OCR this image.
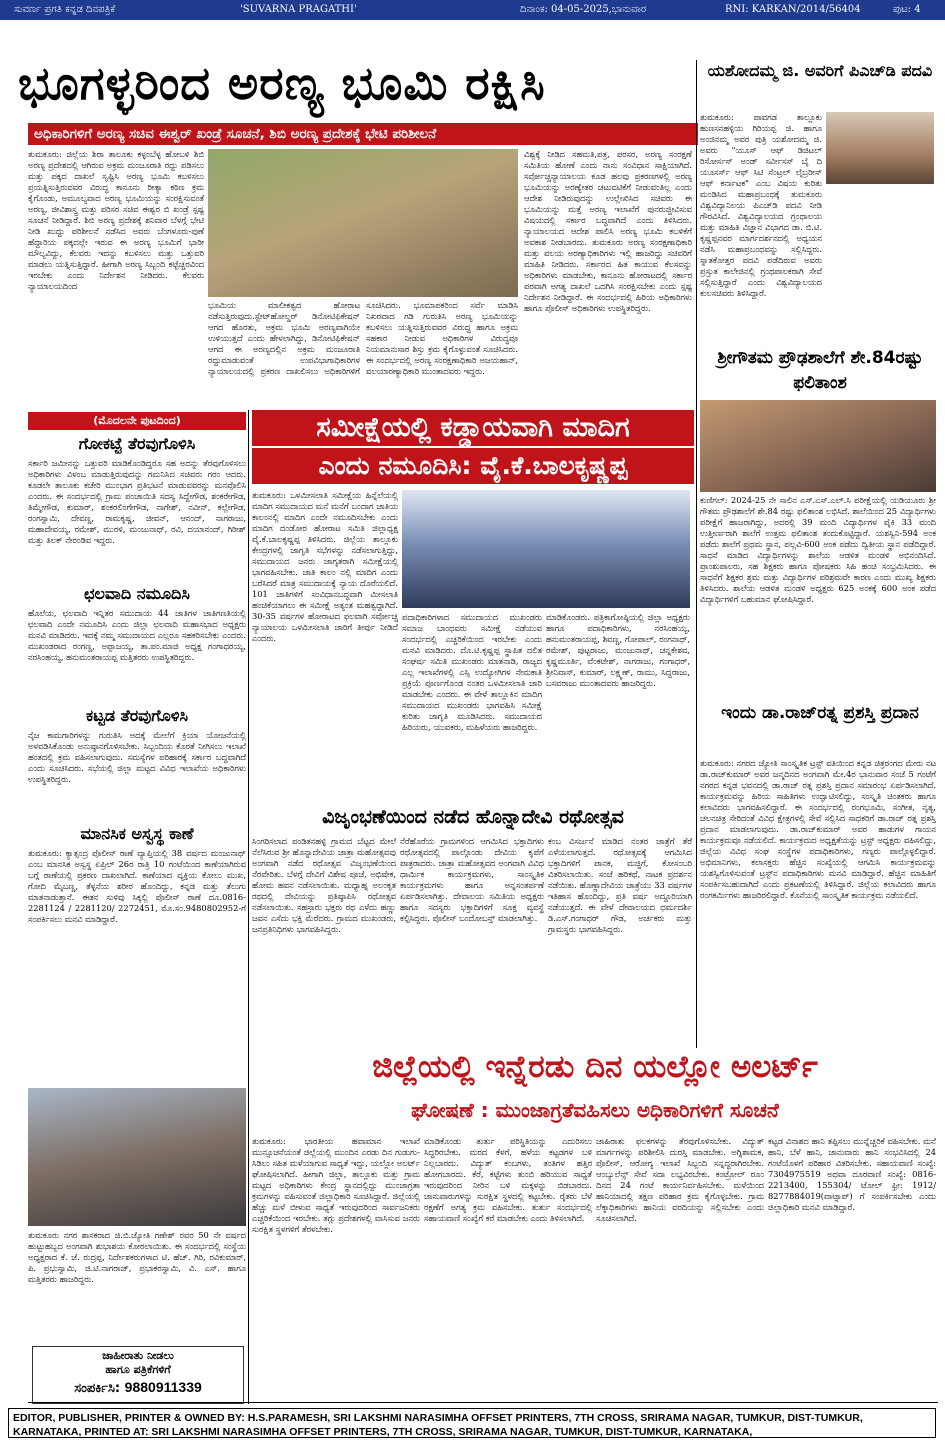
ಸುವರ್ಣ ಪ್ರಗತಿ ಕನ್ನಡ ದಿನಪತ್ರಿಕೆ	'SUVARNA PRAGATHI'	ದಿನಾಂಕ: 04-05-2025,ಭಾನುವಾರ	RNI: KARKAN/2014/56404	ಪುಟ: 4
ಭೂಗಳ್ಳರಿಂದ ಅರಣ್ಯ ಭೂಮಿ ರಕ್ಷಿಸಿ
ಅಧಿಕಾರಿಗಳಿಗೆ ಅರಣ್ಯ ಸಚಿವ ಈಶ್ವರ್ ಖಂಡ್ರೆ ಸೂಚನೆ, ಶಿಬಿ ಅರಣ್ಯ ಪ್ರದೇಶಕ್ಕೆ ಭೇಟಿ ಪರಿಶೀಲನೆ
ತುಮಕೂರು: ಜಿಲ್ಲೆಯ ಶಿರಾ ತಾಲೂಕು ಕಳ್ಳಂಬೆಳ್ಳ ಹೋಬಳಿ ಶಿಬಿ ಅರಣ್ಯ ಪ್ರದೇಶದಲ್ಲಿ ಆಗಿರುವ ಅಕ್ರಮ ಮಂಜೂರಾತಿ ರದ್ದು ಪಡಿಸಲು ಮತ್ತು ಪಕ್ಕದ ದಾಖಲೆ ಸೃಷ್ಟಿಸಿ ಅರಣ್ಯ ಭೂಮಿ ಕಬಳಿಸಲು ಪ್ರಯತ್ನಿಸುತ್ತಿರುವವರ ವಿರುದ್ಧ ಕಾನೂನು ರೀತ್ಯಾ ಕಠಿಣ ಕ್ರಮ ಕೈಗೊಂಡು, ಅಮೂಲ್ಯವಾದ ಅರಣ್ಯ ಭೂಮಿಯನ್ನು ಸಂರಕ್ಷಿಸುವಂತೆ ಅರಣ್ಯ, ಜೀವಿಶಾಸ್ತ್ರ ಮತ್ತು ಪರಿಸರ ಸಚಿವ ಈಶ್ವರ ಬಿ ಖಂಡ್ರೆ ಸ್ಪಷ್ಟ ಸೂಚನೆ ನೀಡಿದ್ದಾರೆ. ಶಿಬಿ ಅರಣ್ಯ ಪ್ರದೇಶಕ್ಕೆ ಶನಿವಾರ ಬೆಳಗ್ಗೆ ಭೇಟಿ ನೀಡಿ ಖುದ್ದು ಪರಿಶೀಲನೆ ನಡೆಸಿದ ಅವರು ಬೆಂಗಳೂರು-ಪುಣೆ ಹೆದ್ದಾರಿಯ ಪಕ್ಕದಲ್ಲೇ ಇರುವ ಈ ಅರಣ್ಯ ಭೂಮಿಗೆ ಭಾರೀ ಮೌಲ್ಯವಿದ್ದು, ಕೆಲವರು ಇದನ್ನು ಕಬಳಿಸಲು ಮತ್ತು ಒತ್ತುವರಿ ಮಾಡಲು ಯತ್ನಿಸುತ್ತಿದ್ದಾರೆ. ಹೀಗಾಗಿ ಅರಣ್ಯ ಸಿಬ್ಬಂದಿ ಕಟ್ಟೆಚ್ಚರವಿಂದ ಇರಬೇಕು ಎಂದು ನಿರ್ದೇಶನ ನೀಡಿದರು. ಕೆಲವರು ನ್ಯಾಯಾಲಯದಿಂದ
ಭೂಮಿಯ ಮಾಲೀಕತ್ವದ ಹೋರಾಟ ನಡೆಸುತ್ತಿರುವುದು.ಸ್ಟೇಟ್‌ಹೋಲ್ಡರ್ ಡಿನೋಟಿಫಿಕೇಷನ್ ಆಗದ ಹೊರತು, ಅಕ್ರಮ ಭೂಮಿ ಅರಣ್ಯವಾಗಿಯೇ ಉಳಿಯುತ್ತದೆ ಎಂದು ಹೇಳಲಾಗಿದ್ದು, ಡಿನೋಟಿಫಿಕೇಷನ್ ಆಗದ ಈ ಅರಣ್ಯದಲ್ಲಿನ ಅಕ್ರಮ ಮಂಜೂರಾತಿ ರದ್ದುಮಾಡುವಂತೆ ಉಪವಿಭಾಗಾಧಿಕಾರಿಗಳ ನ್ಯಾಯಾಲಯದಲ್ಲಿ ಪ್ರಕರಣ ದಾಖಲಿಸಲು ಅಧಿಕಾರಿಗಳಿಗೆ ಸೂಚಿಸಿದರು. ಭೂಮಾಪಕರಿಂದ ಸರ್ವೆ ಮಾಡಿಸಿ ನಿಖರವಾದ ಗಡಿ ಗುರುತಿಸಿ ಅರಣ್ಯ ಭೂಮಿಯನ್ನು ಕಬಳಿಸಲು ಯತ್ನಿಸುತ್ತಿರುವವರ ವಿರುದ್ಧ ಹಾಗೂ ಅಕ್ರಮ ಸಹಕಾರ ನೀಡುವ ಅಧಿಕಾರಿಗಳ ವಿರುದ್ಧವೂ ನಿಯಮಾನುಸಾರ ಶಿಸ್ತು ಕ್ರಮ ಕೈಗೊಳ್ಳುವಂತೆ ಸೂಚಿಸಿದರು. ಈ ಸಂದರ್ಭದಲ್ಲಿ ಅರಣ್ಯ ಸಂರಕ್ಷಣಾಧಿಕಾರಿ ಅಜಯಹಾನ್, ವಲಯಾರಣ್ಯಾಧಿಕಾರಿ ಮುಂತಾದವರು ಇದ್ದರು.
ವಿಶ್ವಕ್ಕೆ ನೀಡಿದ ಸಹಮತಿ,ಪತ್ರ, ಪರಸರ, ಅರಣ್ಯ ಸಂರಕ್ಷಣೆ ಸಮಿತಿಯ ಹೋಣೆ ಎಂದು ನಾನು ಸಂವಿಧಾನ ಸಾಕ್ಷಿಯಾಗಿದೆ. ಸರ್ವೋಚ್ಚನ್ಯಾಯಾಲಯ ಕೂಡ ಹಲವು ಪ್ರಕರಣಗಳಲ್ಲಿ ಅರಣ್ಯ ಭೂಮಿಯನ್ನು ಅರಣ್ಯೇತರ ಚಟುವಟಿಕೆಗೆ ನೀಡುವಂತಿಲ್ಲ ಎಂದು ಆದೇಶ ನೀಡಿರುವುದನ್ನು ಉಲ್ಲೇಖಿಸಿದ ಸಚಿವರು ಈ ಭೂಮಿಯನ್ನು ಮತ್ತೆ ಅರಣ್ಯ ಇಲಾಖೆಗೆ ಪುನರುಜ್ಜೀವಿಸುವ ವಿಷಯದಲ್ಲಿ ಸರ್ಕಾರ ಬದ್ಧವಾಗಿದೆ ಎಂದು ತಿಳಿಸಿದರು. ನ್ಯಾಯಾಲಯದ ಆದೇಶ ಪಾಲಿಸಿ ಅರಣ್ಯ ಭೂಮಿ ಕಬಳಿಕೆಗೆ ಅವಕಾಶ ನೀಡಬಾರದು. ತುಮಕೂರು ಅರಣ್ಯ ಸಂರಕ್ಷಣಾಧಿಕಾರಿ ಮತ್ತು ವಲಯ ಅರಣ್ಯಾಧಿಕಾರಿಗಳು ಇಲ್ಲಿ ಹಾಜರಿದ್ದು ಸಚಿವರಿಗೆ ಮಾಹಿತಿ ನೀಡಿದರು. ಸರ್ಕಾರದ ಹಿತ ಕಾಯುವ ಕೆಲಸವನ್ನು ಅಧಿಕಾರಿಗಳು ಮಾಡಬೇಕು, ಕಾನೂನು ಹೋರಾಟದಲ್ಲಿ ಸರ್ಕಾರ ಪರವಾಗಿ ಅಗತ್ಯ ದಾಖಲೆ ಒದಗಿಸಿ ಸಂರಕ್ಷಿಸಬೇಕು ಎಂದು ಸ್ಪಷ್ಟ ನಿರ್ದೇಶನ ನೀಡಿದ್ದಾರೆ. ಈ ಸಂದರ್ಭದಲ್ಲಿ ಹಿರಿಯ ಅಧಿಕಾರಿಗಳು ಹಾಗೂ ಪೊಲೀಸ್ ಅಧಿಕಾರಿಗಳು ಉಪಸ್ಥಿತರಿದ್ದರು.
ಯಶೋದಮ್ಮ ಜಿ. ಅವರಿಗೆ ಪಿಎಚ್‌ಡಿ ಪದವಿ
ತುಮಕೂರು: ಪಾವಗಡ ತಾಲ್ಲೂಕು ಹುಣಸನಹಳ್ಳಿಯ ಗಿರಿಯಪ್ಪ ಜಿ. ಹಾಗೂ ಅಂಜಿನಮ್ಮ ಅವರ ಪುತ್ರಿ ಯಶೋದಮ್ಮ ಜಿ. ಅವರು "ಯೂಸ್ ಆಫ್ ಡಿಜಿಟಲ್ ರಿಸೋರ್ಸಸ್ ಅಂಡ್ ಸರ್ವೀಸಸ್ ಬೈ ದಿ ಯೂಸರ್ಸ್ ಆಫ್ ಸಿಟಿ ಸೆಂಟ್ರಲ್ ಲೈಬ್ರರೀಸ್ ಆಫ್ ಕರ್ನಾಟಕ" ಎಂಬ ವಿಷಯ ಕುರಿತು ಮಂಡಿಸಿದ ಮಹಾಪ್ರಬಂಧಕ್ಕೆ ತುಮಕೂರು ವಿಶ್ವವಿದ್ಯಾನಿಲಯ ಪಿಎಚ್‌ಡಿ ಪದವಿ ನೀಡಿ ಗೌರವಿಸಿದೆ. ವಿಶ್ವವಿದ್ಯಾಲಯದ ಗ್ರಂಥಾಲಯ ಮತ್ತು ಮಾಹಿತಿ ವಿಜ್ಞಾನ ವಿಭಾಗದ ಡಾ. ಬಿ.ಟಿ. ಕೃಷ್ಣಪ್ಪನವರ ಮಾರ್ಗದರ್ಶನದಲ್ಲಿ ಅಧ್ಯಯನ ನಡೆಸಿ ಮಹಾಪ್ರಬಂಧವನ್ನು ಸಲ್ಲಿಸಿದ್ದರು. ಸ್ನಾತಕೋತ್ತರ ಪದವಿ ಪಡೆದಿರುವ ಅವರು ಪ್ರಸ್ತುತ ಕಾಲೇಜಿನಲ್ಲಿ ಗ್ರಂಥಪಾಲಕರಾಗಿ ಸೇವೆ ಸಲ್ಲಿಸುತ್ತಿದ್ದಾರೆ ಎಂದು ವಿಶ್ವವಿದ್ಯಾಲಯದ ಕುಲಸಚಿವರು ತಿಳಿಸಿದ್ದಾರೆ.
ಶ್ರೀಗೌತಮ ಪ್ರೌಢಶಾಲೆಗೆ ಶೇ.84ರಷ್ಟು ಫಲಿತಾಂಶ
ಕುಣಿಗಲ್: 2024-25 ನೇ ಸಾಲಿನ ಎಸ್.ಎಸ್.ಎಲ್.ಸಿ ಪರೀಕ್ಷೆಯಲ್ಲಿ ಯಡಿಯೂರು ಶ್ರೀ ಗೌತಮ ಪ್ರೌಢಶಾಲೆಗೆ ಶೇ.84 ರಷ್ಟು ಫಲಿತಾಂಶ ಲಭಿಸಿದೆ. ಶಾಲೆಯಿಂದ 25 ವಿದ್ಯಾರ್ಥಿಗಳು ಪರೀಕ್ಷೆಗೆ ಹಾಜರಾಗಿದ್ದು, ಅದರಲ್ಲಿ 39 ಮಂದಿ ವಿದ್ಯಾರ್ಥಿಗಳ ಪೈಕಿ 33 ಮಂದಿ ಉತ್ತೀರ್ಣರಾಗಿ ಶಾಲೆಗೆ ಉತ್ತಮ ಫಲಿತಾಂಶ ತಂದುಕೊಟ್ಟಿದ್ದಾರೆ. ಯಶಸ್ವಿನಿ-594 ಅಂಕ ಪಡೆದು ಶಾಲೆಗೆ ಪ್ರಥಮ ಸ್ಥಾನ, ಪಲ್ಲವಿ-600 ಅಂಕ ಪಡೆದು ದ್ವಿತೀಯ ಸ್ಥಾನ ಪಡೆದಿದ್ದಾರೆ. ಸಾಧನೆ ಮಾಡಿದ ವಿದ್ಯಾರ್ಥಿಗಳನ್ನು ಶಾಲೆಯ ಆಡಳಿತ ಮಂಡಳಿ ಅಭಿನಂದಿಸಿದೆ. ಪ್ರಾಂಶುಪಾಲರು, ಸಹ ಶಿಕ್ಷಕರು ಹಾಗೂ ಪೋಷಕರು ಸಿಹಿ ಹಂಚಿ ಸಂಭ್ರಮಿಸಿದರು. ಈ ಸಾಧನೆಗೆ ಶಿಕ್ಷಕರ ಶ್ರಮ ಮತ್ತು ವಿದ್ಯಾರ್ಥಿಗಳ ಪರಿಶ್ರಮವೇ ಕಾರಣ ಎಂದು ಮುಖ್ಯ ಶಿಕ್ಷಕರು ತಿಳಿಸಿದರು. ಶಾಲೆಯ ಆಡಳಿತ ಮಂಡಳಿ ಅಧ್ಯಕ್ಷರು 625 ಅಂಕಕ್ಕೆ 600 ಅಂಕ ಪಡೆದ ವಿದ್ಯಾರ್ಥಿಗಳಿಗೆ ಬಹುಮಾನ ಘೋಷಿಸಿದ್ದಾರೆ.
ಇಂದು ಡಾ.ರಾಜ್‌ರತ್ನ ಪ್ರಶಸ್ತಿ ಪ್ರದಾನ
ತುಮಕೂರು: ನಗರದ ಜ್ಯೋತಿ ಸಾಂಸ್ಕೃತಿಕ ಟ್ರಸ್ಟ್ ವತಿಯಿಂದ ಕನ್ನಡ ಚಿತ್ರರಂಗದ ಮೇರು ನಟ ಡಾ.ರಾಜ್‌ಕುಮಾರ್ ಅವರ ಜನ್ಮದಿನದ ಅಂಗವಾಗಿ ಮೇ.4ರ ಭಾನುವಾರ ಸಂಜೆ 5 ಗಂಟೆಗೆ ನಗರದ ಕನ್ನಡ ಭವನದಲ್ಲಿ ಡಾ.ರಾಜ್ ರತ್ನ ಪ್ರಶಸ್ತಿ ಪ್ರದಾನ ಸಮಾರಂಭ ಏರ್ಪಡಿಸಲಾಗಿದೆ. ಕಾರ್ಯಕ್ರಮವನ್ನು ಹಿರಿಯ ಸಾಹಿತಿಗಳು ಉದ್ಘಾಟಿಸಲಿದ್ದು, ಸಂಸ್ಕೃತಿ ಚಿಂತಕರು ಹಾಗೂ ಕಲಾವಿದರು ಭಾಗವಹಿಸಲಿದ್ದಾರೆ. ಈ ಸಂದರ್ಭದಲ್ಲಿ ರಂಗಭೂಮಿ, ಸಂಗೀತ, ನೃತ್ಯ, ಚಲನಚಿತ್ರ ಸೇರಿದಂತೆ ವಿವಿಧ ಕ್ಷೇತ್ರಗಳಲ್ಲಿ ಸೇವೆ ಸಲ್ಲಿಸಿದ ಸಾಧಕರಿಗೆ ಡಾ.ರಾಜ್ ರತ್ನ ಪ್ರಶಸ್ತಿ ಪ್ರದಾನ ಮಾಡಲಾಗುವುದು. ಡಾ.ರಾಜ್‌ಕುಮಾರ್ ಅವರ ಹಾಡುಗಳ ಗಾಯನ ಕಾರ್ಯಕ್ರಮವೂ ನಡೆಯಲಿದೆ. ಕಾರ್ಯಕ್ರಮದ ಅಧ್ಯಕ್ಷತೆಯನ್ನು ಟ್ರಸ್ಟ್ ಅಧ್ಯಕ್ಷರು ವಹಿಸಲಿದ್ದು, ಜಿಲ್ಲೆಯ ವಿವಿಧ ಸಂಘ ಸಂಸ್ಥೆಗಳ ಪದಾಧಿಕಾರಿಗಳು, ಗಣ್ಯರು ಪಾಲ್ಗೊಳ್ಳಲಿದ್ದಾರೆ. ಅಭಿಮಾನಿಗಳು, ಕಲಾಸಕ್ತರು ಹೆಚ್ಚಿನ ಸಂಖ್ಯೆಯಲ್ಲಿ ಆಗಮಿಸಿ ಕಾರ್ಯಕ್ರಮವನ್ನು ಯಶಸ್ವಿಗೊಳಿಸುವಂತೆ ಟ್ರಸ್ಟ್‌ನ ಪದಾಧಿಕಾರಿಗಳು ಮನವಿ ಮಾಡಿದ್ದಾರೆ. ಹೆಚ್ಚಿನ ಮಾಹಿತಿಗೆ ಸಂಪರ್ಕಿಸಬಹುದಾಗಿದೆ ಎಂದು ಪ್ರಕಟಣೆಯಲ್ಲಿ ತಿಳಿಸಿದ್ದಾರೆ. ಜಿಲ್ಲೆಯ ಕಲಾವಿದರು ಹಾಗೂ ರಂಗಕರ್ಮಿಗಳು ಹಾಜರಿರಲಿದ್ದಾರೆ. ಕೊನೆಯಲ್ಲಿ ಸಾಂಸ್ಕೃತಿಕ ಕಾರ್ಯಕ್ರಮ ನಡೆಯಲಿದೆ.
(ಮೊದಲನೇ ಪುಟದಿಂದ)
ಗೋಕಟ್ಟೆ ತೆರವುಗೊಳಿಸಿ
ಸರ್ಕಾರಿ ಜಮೀನನ್ನು ಒತ್ತುವರಿ ಮಾಡಿಕೊಂಡಿದ್ದರೂ ಸಹ ಅದನ್ನು ತೆರವುಗೊಳಿಸಲು ಅಧಿಕಾರಿಗಳು ವಿಳಂಬ ಮಾಡುತ್ತಿರುವುದನ್ನು ಗಮನಿಸಿದ ಸಚಿವರು ಗರಂ ಆದರು. ಕೂಡಲೇ ತಾಲೂಕು ಕಚೇರಿ ಮುಂಭಾಗ ಪ್ರತಿಭಟನೆ ಮಾಡುವವರನ್ನು ಮನವೊಲಿಸಿ ಎಂದರು. ಈ ಸಂದರ್ಭದಲ್ಲಿ ಗ್ರಾಮ ಪಂಚಾಯಿತಿ ಸದಸ್ಯ ಸಿದ್ದೇಗೌಡ, ಶಂಕರೇಗೌಡ, ತಿಮ್ಮೇಗೌಡ, ಕುಮಾರ್, ಶಂಕರಲಿಂಗೇಗೌಡ, ನಾಗೇಶ್, ನವೀನ್, ಕಲ್ಲೇಗೌಡ, ರಂಗಸ್ವಾಮಿ, ದೇವಣ್ಣ, ರಾಮಕೃಷ್ಣ, ಜೀವನ್, ಆನಂದ್, ನಾಗರಾಜು, ಮಹಾದೇವಯ್ಯ, ರಮೇಶ್, ಮುರಳಿ, ಮಂಜುನಾಥ್, ರವಿ, ದಯಾನಂದ್, ಗಿರೀಶ್ ಮತ್ತು ತಿಲಕ್ ನೇರಂಡಿವ ಇದ್ದರು.
ಛಲವಾದಿ ನಮೂದಿಸಿ
ಹೊಲೆಯ, ಛಲವಾದಿ ಇನ್ನಿತರ ಸಮುದಾಯ 44 ಜಾತಿಗಳ ಜಾತಿಗಣತಿಯಲ್ಲಿ ಛಲವಾದಿ ಎಂದೇ ನಮೂದಿಸಿ ಎಂದು ಜಿಲ್ಲಾ ಛಲವಾದಿ ಮಹಾಸಭಾದ ಅಧ್ಯಕ್ಷರು ಮನವಿ ಮಾಡಿದರು. ಇದಕ್ಕೆ ನಮ್ಮ ಸಮುದಾಯದ ಎಲ್ಲರೂ ಸಹಕರಿಸಬೇಕು ಎಂದರು. ಮುಖಂಡರಾದ ರಂಗಣ್ಣ, ಅಪ್ಪಾಜಯ್ಯ, ತಾ.ಪಂ.ಮಾಜಿ ಅಧ್ಯಕ್ಷ ಗಂಗಾಧರಯ್ಯ, ನರಸಿಂಹಯ್ಯ, ಹನುಮಂತರಾಯಪ್ಪ ಮತ್ತಿತರರು ಉಪಸ್ಥಿತರಿದ್ದರು.
ಕಟ್ಟಡ ತೆರವುಗೊಳಿಸಿ
ನೈಜ ಕಾಮಗಾರಿಗಳನ್ನು ಗುರುತಿಸಿ ಅದಕ್ಕೆ ಮೇಲೆಗೆ ಕ್ರಿಯಾ ಯೋಜನೆಯಲ್ಲಿ ಅಳವಡಿಸಿಕೊಂಡು ಅನುಷ್ಠಾನಗೊಳಿಸಬೇಕು. ಸಿಬ್ಬಂದಿಯ ಕೊರತೆ ನೀಗಿಸಲು ಇಲಾಖೆ ಹಂತದಲ್ಲಿ ಕ್ರಮ ವಹಿಸಲಾಗುವುದು. ಸಮಸ್ಯೆಗಳ ಪರಿಹಾರಕ್ಕೆ ಸರ್ಕಾರ ಬದ್ಧವಾಗಿದೆ ಎಂದು ಸೂಚಿಸಿದರು. ಸಭೆಯಲ್ಲಿ ಜಿಲ್ಲಾ ಮಟ್ಟದ ವಿವಿಧ ಇಲಾಖೆಯ ಅಧಿಕಾರಿಗಳು ಉಪಸ್ಥಿತರಿದ್ದರು.
ಮಾನಸಿಕ ಅಸ್ವಸ್ಥ ಕಾಣೆ
ತುಮಕೂರು: ಕ್ಯಾತ್ಸಂದ್ರ ಪೊಲೀಸ್ ಠಾಣೆ ವ್ಯಾಪ್ತಿಯಲ್ಲಿ 38 ವರ್ಷದ ಮಂಜುನಾಥ್ ಎಂಬ ಮಾನಸಿಕ ಅಸ್ವಸ್ಥ ಏಪ್ರಿಲ್ 26ರ ರಾತ್ರಿ 10 ಗಂಟೆಯಿಂದ ಕಾಣೆಯಾಗಿರುವ ಬಗ್ಗೆ ಠಾಣೆಯಲ್ಲಿ ಪ್ರಕರಣ ದಾಖಲಾಗಿದೆ. ಕಾಣೆಯಾದ ವ್ಯಕ್ತಿಯ ಕೋಲು ಮುಖ, ಗೋದಿ ಮೈಬಣ್ಣ, ತೆಳ್ಳನೆಯ ಶರೀರ ಹೊಂದಿದ್ದು, ಕನ್ನಡ ಮತ್ತು ತೆಲುಗು ಮಾತನಾಡುತ್ತಾನೆ. ಈತನ ಸುಳಿವು ಸಿಕ್ಕಲ್ಲಿ ಪೊಲೀಸ್ ಠಾಣೆ ದೂ.0816-2281124 / 2281120/ 2272451, ಮೊ.ಸಂ.9480802952-ಗೆ ಸಂಪರ್ಕಿಸಲು ಮನವಿ ಮಾಡಿದ್ದಾರೆ.
ಸಮೀಕ್ಷೆಯಲ್ಲಿ ಕಡ್ಡಾಯವಾಗಿ ಮಾದಿಗ
ಎಂದು ನಮೂದಿಸಿ: ವೈ.ಕೆ.ಬಾಲಕೃಷ್ಣಪ್ಪ
ತುಮಕೂರು: ಒಳಮೀಸಲಾತಿ ಸಮೀಕ್ಷೆಯ ಹಿನ್ನೆಲೆಯಲ್ಲಿ ಮಾದಿಗ ಸಮುದಾಯದ ಮನೆ ಮನೆಗೆ ಬಂದಾಗ ಜಾತಿಯ ಕಾಲಂನಲ್ಲಿ ಮಾದಿಗ ಎಂದೇ ನಮೂದಿಸಬೇಕು ಎಂದು ಮಾದಿಗ ದಂಡೋರ ಹೋರಾಟ ಸಮಿತಿ ಜಿಲ್ಲಾಧ್ಯಕ್ಷ ವೈ.ಕೆ.ಬಾಲಕೃಷ್ಣಪ್ಪ ತಿಳಿಸಿದರು. ಜಿಲ್ಲೆಯ ತಾಲ್ಲೂಕು ಕೇಂದ್ರಗಳಲ್ಲಿ ಜಾಗೃತಿ ಸಭೆಗಳನ್ನು ನಡೆಸಲಾಗುತ್ತಿದ್ದು, ಸಮುದಾಯದ ಜನರು ಜಾಗೃತರಾಗಿ ಸಮೀಕ್ಷೆಯಲ್ಲಿ ಭಾಗವಹಿಸಬೇಕು. ಜಾತಿ ಕಾಲಂ ನಲ್ಲಿ ಮಾದಿಗ ಎಂದು ಬರೆಸಿದರೆ ಮಾತ್ರ ಸಮುದಾಯಕ್ಕೆ ನ್ಯಾಯ ದೊರೆಯಲಿದೆ. 101 ಜಾತಿಗಳಿಗೆ ಸಂವಿಧಾನಬದ್ಧವಾಗಿ ಮೀಸಲಾತಿ ಹಂಚಿಕೆಯಾಗಲು ಈ ಸಮೀಕ್ಷೆ ಅತ್ಯಂತ ಮಹತ್ವದ್ದಾಗಿದೆ. 30-35 ವರ್ಷಗಳ ಹೋರಾಟದ ಫಲವಾಗಿ ಸರ್ವೋಚ್ಚ ನ್ಯಾಯಾಲಯ ಒಳಮೀಸಲಾತಿ ಜಾರಿಗೆ ತೀರ್ಪು ನೀಡಿದೆ ಎಂದರು.
ಪದಾಧಿಕಾರಿಗಳಾದ ಸಮುದಾಯದ ಮುಖಂಡರು ಸಮಾಜ ಬಾಂಧವರು ಸಮೀಕ್ಷೆ ನಡೆಯುವ ಸಂದರ್ಭದಲ್ಲಿ ಎಚ್ಚರಿಕೆಯಿಂದ ಇರಬೇಕು ಎಂದು ಮನವಿ ಮಾಡಿದರು. ದೊ.ಟಿ.ಕೃಷ್ಣಪ್ಪ ಸ್ಥಾಪಿತ ದಲಿತ ಸಂಘರ್ಷ ಸಮಿತಿ ಮುಖಂಡರು ಮಾತನಾಡಿ, ರಾಜ್ಯದ ಎಲ್ಲ ಇಲಾಖೆಗಳಲ್ಲಿ ಎಸ್ಸಿ ಉದ್ಯೋಗಿಗಳ ನೇಮಕಾತಿ ಪ್ರಕ್ರಿಯೆ ಪೂರ್ಣಗೊಂಡ ನಂತರ ಒಳಮೀಸಲಾತಿ ಜಾರಿ ಮಾಡಬೇಕು ಎಂದರು. ಈ ವೇಳೆ ತಾಲ್ಲೂಕಿನ ಮಾದಿಗ ಸಮುದಾಯದ ಮುಖಂಡರು ಭಾಗವಹಿಸಿ ಸಮೀಕ್ಷೆ ಕುರಿತು ಜಾಗೃತಿ ಮೂಡಿಸಿದರು. ಸಮುದಾಯದ ಹಿರಿಯರು, ಯುವಕರು, ಮಹಿಳೆಯರು ಹಾಜರಿದ್ದರು.
ಮಾಡಿಕೊಂಡರು. ಪತ್ರಿಕಾಗೋಷ್ಠಿಯಲ್ಲಿ ಜಿಲ್ಲಾ ಅಧ್ಯಕ್ಷರು ಹಾಗೂ ಪದಾಧಿಕಾರಿಗಳು, ನರಸಿಂಹಯ್ಯ, ಹನುಮಂತರಾಯಪ್ಪ, ಶಿವಣ್ಣ, ಗೋಪಾಲ್, ರಂಗನಾಥ್, ರಮೇಶ್, ಪುಟ್ಟರಾಜು, ಮಂಜುನಾಥ್, ಚನ್ನಕೇಶವ, ಕೃಷ್ಣಮೂರ್ತಿ, ವೆಂಕಟೇಶ್, ನಾಗರಾಜು, ಗಂಗಾಧರ್, ಶ್ರೀನಿವಾಸ್, ಕುಮಾರ್, ಲಕ್ಷ್ಮಣ್, ರಾಮು, ಸಿದ್ದರಾಜು, ಬಸವರಾಜು ಮುಂತಾದವರು ಹಾಜರಿದ್ದರು.
ವಿಜೃಂಭಣೆಯಿಂದ ನಡೆದ ಹೊನ್ನಾದೇವಿ ರಥೋತ್ಸವ
ಸಿಂಗರಿಸಲಾದ ಪಂಡಿತನಹಳ್ಳಿ ಗ್ರಾಮದ ಬೆಟ್ಟದ ಮೇಲೆ ನೆಲೆಸಿರುವ ಶ್ರೀ ಹೊನ್ನಾದೇವಿಯ ಜಾತ್ರಾ ಮಹೋತ್ಸವವು ಅಂಗವಾಗಿ ನಡೆದ ರಥೋತ್ಸವ ವಿಜೃಂಭಣೆಯಿಂದ ನೆರವೇರಿತು. ಬೆಳಗ್ಗೆ ದೇವಿಗೆ ವಿಶೇಷ ಪೂಜೆ, ಅಭಿಷೇಕ, ಹೋಮ ಹವನ ನಡೆಸಲಾಯಿತು. ಮಧ್ಯಾಹ್ನ ಅಲಂಕೃತ ರಥದಲ್ಲಿ ದೇವಿಯನ್ನು ಪ್ರತಿಷ್ಠಾಪಿಸಿ ರಥೋತ್ಸವ ನಡೆಸಲಾಯಿತು. ಸಹಸ್ರಾರು ಭಕ್ತರು ರಥ ಎಳೆದು ಹಣ್ಣು ಜವನ ಎಸೆದು ಭಕ್ತಿ ಮೆರೆದರು. ಗ್ರಾಮದ ಮುಖಂಡರು, ಜನಪ್ರತಿನಿಧಿಗಳು ಭಾಗವಹಿಸಿದ್ದರು.
ನೆರೆಹೊರೆಯ ಗ್ರಾಮಗಳಿಂದ ಆಗಮಿಸಿದ ಭಕ್ತಾದಿಗಳು ರಥೋತ್ಸವದಲ್ಲಿ ಪಾಲ್ಗೊಂಡು ದೇವಿಯ ಕೃಪೆಗೆ ಪಾತ್ರರಾದರು. ಜಾತ್ರಾ ಮಹೋತ್ಸವದ ಅಂಗವಾಗಿ ವಿವಿಧ ಧಾರ್ಮಿಕ ಕಾರ್ಯಕ್ರಮಗಳು, ಸಾಂಸ್ಕೃತಿಕ ಕಾರ್ಯಕ್ರಮಗಳು ಹಾಗೂ ಅನ್ನಸಂತರ್ಪಣೆ ಏರ್ಪಡಿಸಲಾಗಿತ್ತು. ದೇವಾಲಯ ಸಮಿತಿಯ ಅಧ್ಯಕ್ಷರು ಹಾಗೂ ಸದಸ್ಯರು ಭಕ್ತಾದಿಗಳಿಗೆ ಸೂಕ್ತ ವ್ಯವಸ್ಥೆ ಕಲ್ಪಿಸಿದ್ದರು. ಪೊಲೀಸ್ ಬಂದೋಬಸ್ತ್ ಮಾಡಲಾಗಿತ್ತು.
ಕಂಬ ವಿಸರ್ಜನೆ ಮಾಡಿದ ನಂತರ ಜಾತ್ರೆಗೆ ತೆರೆ ಎಳೆಯಲಾಗುತ್ತದೆ. ರಥೋತ್ಸವಕ್ಕೆ ಆಗಮಿಸಿದ ಭಕ್ತಾದಿಗಳಿಗೆ ಪಾನಕ, ಮಜ್ಜಿಗೆ, ಕೋಸಂಬರಿ ವಿತರಿಸಲಾಯಿತು. ಸಂಜೆ ಹರಿಕಥೆ, ನಾಟಕ ಪ್ರದರ್ಶನ ನಡೆಯಿತು. ಹೊಣ್ಣಾದೇವಿಯ ಜಾತ್ರೆಯು 33 ವರ್ಷಗಳ ಇತಿಹಾಸ ಹೊಂದಿದ್ದು, ಪ್ರತಿ ವರ್ಷ ಅದ್ದೂರಿಯಾಗಿ ನಡೆಯುತ್ತದೆ. ಈ ವೇಳೆ ದೇವಾಲಯದ ಧರ್ಮದರ್ಶಿ ಡಿ.ಎಸ್.ಗಂಗಾಧರ್ ಗೌಡ, ಅರ್ಚಕರು ಮತ್ತು ಗ್ರಾಮಸ್ಥರು ಭಾಗವಹಿಸಿದ್ದರು.
ಜಿಲ್ಲೆಯಲ್ಲಿ ಇನ್ನೆರಡು ದಿನ ಯಲ್ಲೋ ಅಲರ್ಟ್
ಘೋಷಣೆ : ಮುಂಜಾಗ್ರತೆವಹಿಸಲು ಅಧಿಕಾರಿಗಳಿಗೆ ಸೂಚನೆ
ತುಮಕೂರು: ಭಾರತೀಯ ಹವಾಮಾನ ಇಲಾಖೆ ಮುನ್ಸೂಚನೆಯಂತೆ ಜಿಲ್ಲೆಯಲ್ಲಿ ಮುಂದಿನ ಎರಡು ದಿನ ಗುಡುಗು-ಸಿಡಿಲು ಸಹಿತ ಮಳೆಯಾಗುವ ಸಾಧ್ಯತೆ ಇದ್ದು, ಯಲ್ಲೋ ಅಲರ್ಟ್ ಘೋಷಿಸಲಾಗಿದೆ. ಹೀಗಾಗಿ ಜಿಲ್ಲಾ, ತಾಲ್ಲೂಕು ಮತ್ತು ಗ್ರಾಮ ಮಟ್ಟದ ಅಧಿಕಾರಿಗಳು ಕೇಂದ್ರ ಸ್ಥಾನದಲ್ಲಿದ್ದು ಮುಂಜಾಗ್ರತಾ ಕ್ರಮಗಳನ್ನು ವಹಿಸುವಂತೆ ಜಿಲ್ಲಾಧಿಕಾರಿ ಸೂಚಿಸಿದ್ದಾರೆ. ಜಿಲ್ಲೆಯಲ್ಲಿ ಹೆಚ್ಚು ಮಳೆ ಬೀಳುವ ಸಾಧ್ಯತೆ ಇರುವುದರಿಂದ ಸಾರ್ವಜನಿಕರು ಎಚ್ಚರಿಕೆಯಿಂದ ಇರಬೇಕು. ತಗ್ಗು ಪ್ರದೇಶಗಳಲ್ಲಿ ವಾಸಿಸುವ ಜನರು ಸುರಕ್ಷಿತ ಸ್ಥಳಗಳಿಗೆ ತೆರಳಬೇಕು.
ಮಾಡಿಕೊಂಡು ತುರ್ತು ಪರಿಸ್ಥಿತಿಯನ್ನು ಎದುರಿಸಲು ಸಿದ್ಧರಿರಬೇಕು. ಮರದ ಕೆಳಗೆ, ಹಳೆಯ ಕಟ್ಟಡಗಳ ಬಳಿ ನಿಲ್ಲಬಾರದು. ವಿದ್ಯುತ್ ಕಂಬಗಳು, ತಂತಿಗಳ ಹತ್ತಿರ ಹೋಗಬಾರದು. ಕೆರೆ, ಕಟ್ಟೆಗಳು ತುಂಬಿ ಹರಿಯುವ ಸಾಧ್ಯತೆ ಇರುವುದರಿಂದ ನೀರಿನ ಬಳಿ ಮಕ್ಕಳನ್ನು ಬಿಡಬಾರದು. ಜಾನುವಾರುಗಳನ್ನು ಸುರಕ್ಷಿತ ಸ್ಥಳದಲ್ಲಿ ಕಟ್ಟಬೇಕು. ರೈತರು ಬೆಳೆ ರಕ್ಷಣೆಗೆ ಅಗತ್ಯ ಕ್ರಮ ವಹಿಸಬೇಕು. ತುರ್ತು ಸಂದರ್ಭದಲ್ಲಿ ಸಹಾಯವಾಣಿ ಸಂಖ್ಯೆಗೆ ಕರೆ ಮಾಡಬೇಕು ಎಂದು ತಿಳಿಸಲಾಗಿದೆ.
ಜಾಹಿರಾತು ಫಲಕಗಳನ್ನು ತೆರವುಗೊಳಿಸಬೇಕು. ವಿದ್ಯುತ್ ಮಾರ್ಗಗಳನ್ನು ಪರಿಶೀಲಿಸಿ ದುರಸ್ತಿ ಮಾಡಬೇಕು. ಅಗ್ನಿಶಾಮಕ, ಪೊಲೀಸ್, ಆರೋಗ್ಯ ಇಲಾಖೆ ಸಿಬ್ಬಂದಿ ಸನ್ನದ್ಧರಾಗಿರಬೇಕು. ಆಂಬ್ಯುಲೆನ್ಸ್ ಸೇವೆ ಸದಾ ಲಭ್ಯವಿರಬೇಕು. ಕಂಟ್ರೋಲ್ ರೂಂ ದಿನದ 24 ಗಂಟೆ ಕಾರ್ಯನಿರ್ವಹಿಸಬೇಕು. ಮಳೆಯಿಂದ ಹಾನಿಯಾದಲ್ಲಿ ತಕ್ಷಣ ಪರಿಹಾರ ಕ್ರಮ ಕೈಗೊಳ್ಳಬೇಕು. ಗ್ರಾಮ ಲೆಕ್ಕಾಧಿಕಾರಿಗಳು ಹಾನಿಯ ವರದಿಯನ್ನು ಸಲ್ಲಿಸಬೇಕು ಎಂದು ಸೂಚಿಸಲಾಗಿದೆ.
ಕಟ್ಟಡ ವಿನಾಶದ ಹಾನಿ ತಪ್ಪಿಸಲು ಮುನ್ನೆಚ್ಚರಿಕೆ ವಹಿಸಬೇಕು. ಮನೆ ಹಾನಿ, ಬೆಳೆ ಹಾನಿ, ಜಾನುವಾರು ಹಾನಿ ಸಂಭವಿಸಿದಲ್ಲಿ 24 ಗಂಟೆಯೊಳಗೆ ಪರಿಹಾರ ವಿತರಿಸಬೇಕು. ಸಹಾಯವಾಣಿ ಸಂಖ್ಯೆ: 7304975519 ಅಥವಾ ದೂರವಾಣಿ ಸಂಖ್ಯೆ: 0816-2213400, 155304/ ಟೋಲ್ ಫ್ರೀ: 1912/ 8277884019(ವಾಟ್ಸಾಪ್) ಗೆ ಸಂಪರ್ಕಿಸಬೇಕು ಎಂದು ಜಿಲ್ಲಾಧಿಕಾರಿ ಮನವಿ ಮಾಡಿದ್ದಾರೆ.
ತುಮಕೂರು ನಗರ ಶಾಸಕರಾದ ಜಿ.ಬಿ.ಜ್ಯೋತಿ ಗಣೇಶ್ ರವರ 50 ನೇ ವರ್ಷದ ಹುಟ್ಟುಹಬ್ಬದ ಅಂಗವಾಗಿ ಶುಭಾಶಯ ಕೋರಲಾಯಿತು. ಈ ಸಂದರ್ಭದಲ್ಲಿ ಸಂಸ್ಥೆಯ ಅಧ್ಯಕ್ಷರಾದ ಕೆ. ಜೆ. ರುದ್ರಪ್ಪ, ನಿರ್ದೇಶಕರುಗಳಾದ ಟಿ. ಹೆಚ್. ಗಿರಿ, ರವಿಕುಮಾರ್, ಪಿ. ಪ್ರಭುಸ್ವಾಮಿ, ಜಿ.ಟಿ.ನಾಗರಾಜ್, ಪ್ರಭಾಕರಸ್ವಾಮಿ, ವಿ. ಎಸ್. ಹಾಗೂ ಮತ್ತಿತರರು ಹಾಜರಿದ್ದರು.
ಜಾಹೀರಾತು ನೀಡಲು
ಹಾಗೂ ಪತ್ರಿಕೆಗಳಿಗೆ
ಸಂಪರ್ಕಿಸಿ: 9880911339
EDITOR, PUBLISHER, PRINTER & OWNED BY: H.S.PARAMESH, SRI LAKSHMI NARASIMHA OFFSET PRINTERS, 7TH CROSS, SRIRAMA NAGAR, TUMKUR, DIST-TUMKUR,
KARNATAKA, PRINTED AT: SRI LAKSHMI NARASIMHA OFFSET PRINTERS, 7TH CROSS, SRIRAMA NAGAR, TUMKUR, DIST-TUMKUR, KARNATAKA,
